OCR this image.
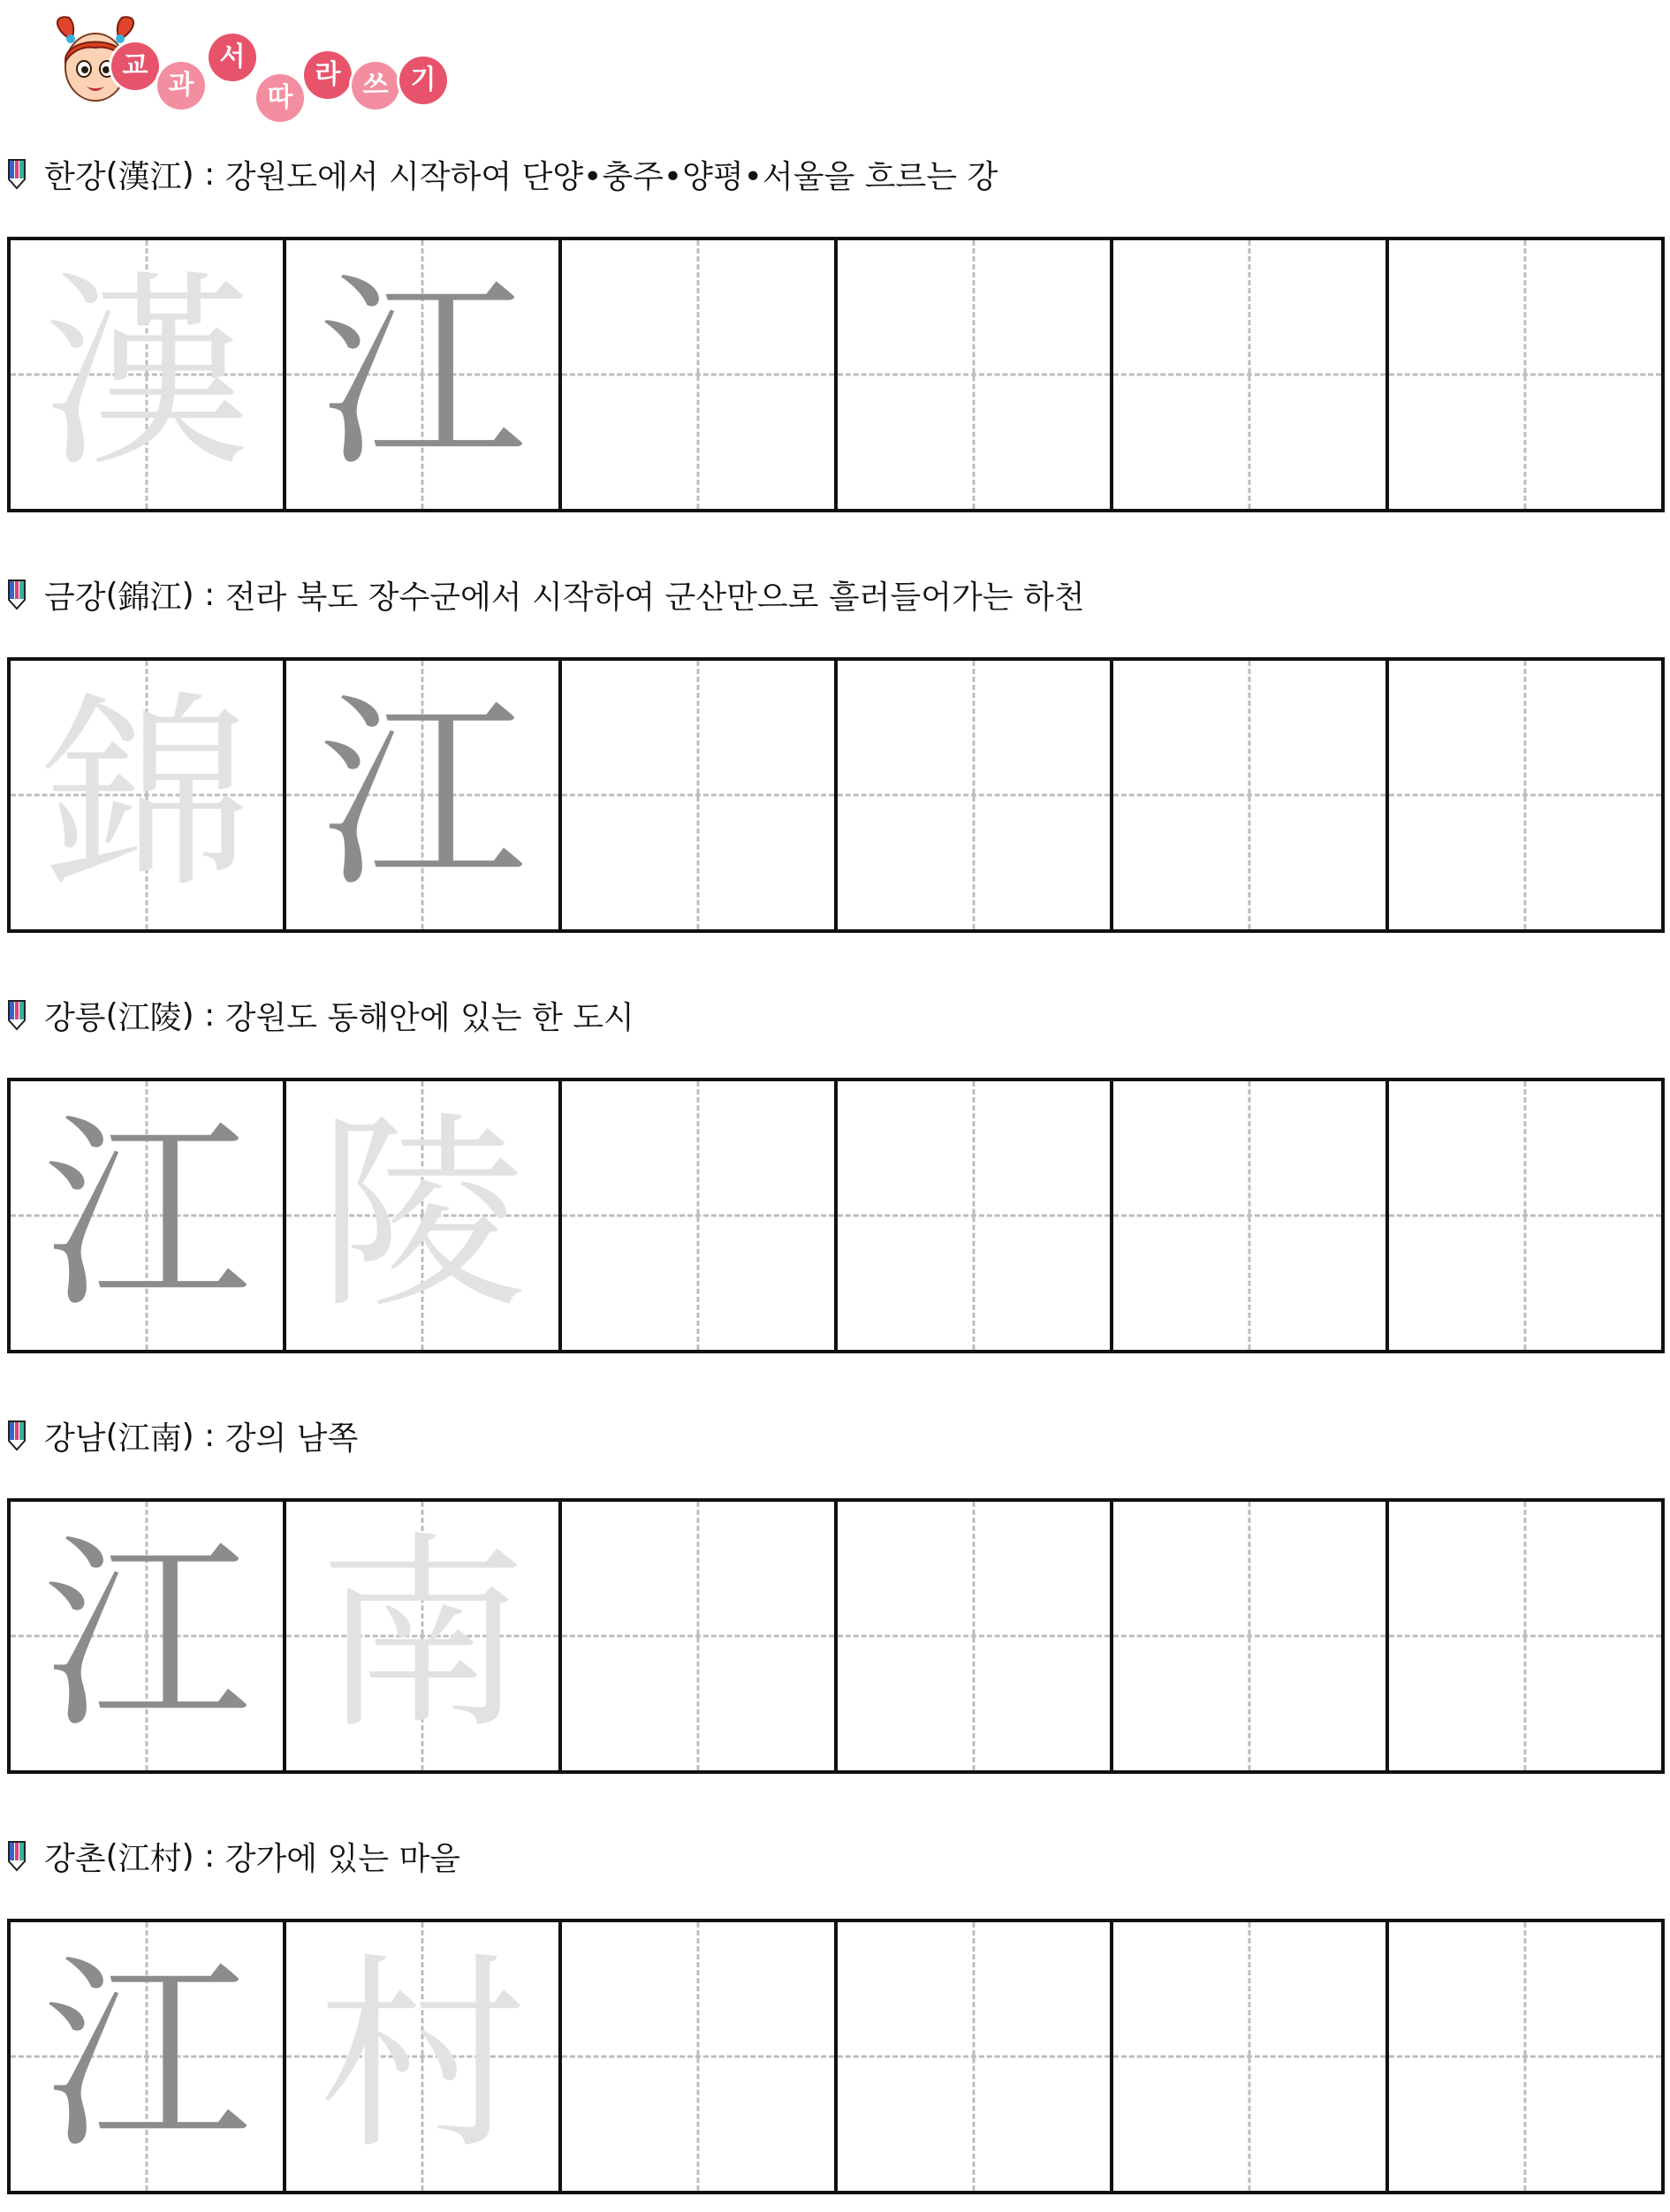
교
과
서
따
라 쓰 기
한강 ( 漢江 ) : 강원도에서 시작하여 단양•충주•양평•서울을 흐르는 강
漢 江
금강 ( 錦江 ) : 전라 북도 장수군에서 시작하여 군산만으로 흘러들어가는 하천
錦 江
강릉 ( 江陵 ) : 강원도 동해안에 있는 한 도시
江 陵
강남 ( 江南 ) : 강의 남쪽
江 南
강촌 ( 江村 ) : 강가에 있는 마을
江 村
